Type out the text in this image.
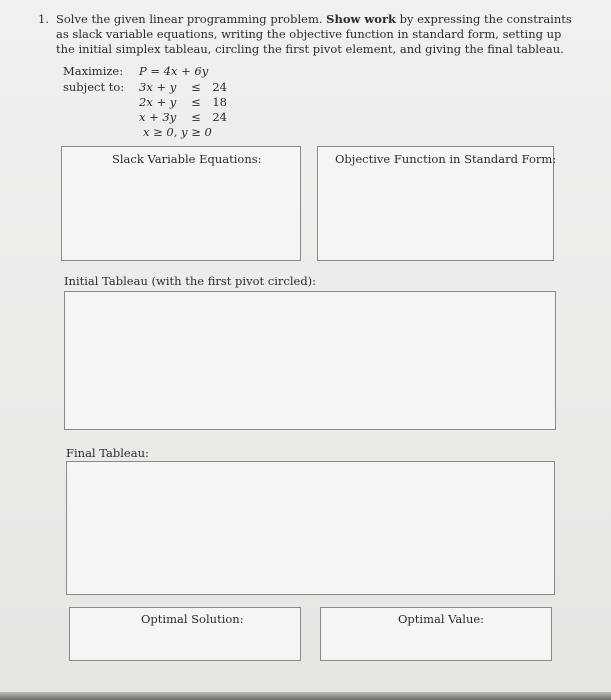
1. Solve the given linear programming problem. Show work by expressing the constraints as slack variable equations, writing the objective function in standard form, setting up the initial simplex tableau, circling the first pivot element, and giving the final tableau.
Maximize: P = 4x + 6y
subject to: 3x + y ≤ 24
2x + y ≤ 18
x + 3y ≤ 24
x ≥ 0, y ≥ 0
Slack Variable Equations:	Objective Function in Standard Form:
Initial Tableau (with the first pivot circled):
Final Tableau:
Optimal Solution:	Optimal Value:
